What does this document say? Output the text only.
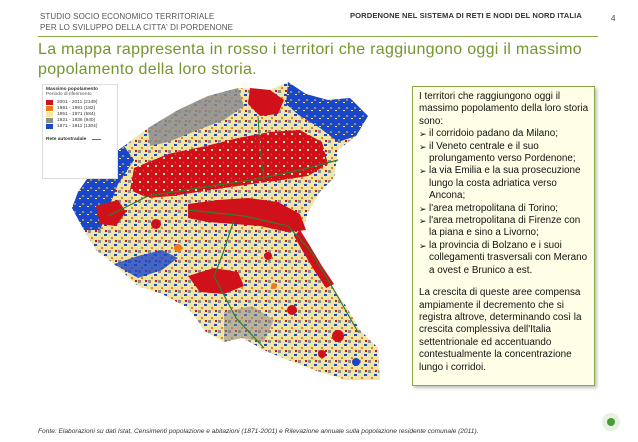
STUDIO SOCIO ECONOMICO TERRITORIALE
PER LO SVILUPPO DELLA CITTA' DI PORDENONE
PORDENONE NEL SISTEMA DI RETI E NODI DEL NORD ITALIA	4
La mappa rappresenta in rosso i territori che raggiungono oggi il massimo popolamento della loro storia.
Massimo popolamento
Periodo di riferimento
2001 - 2011 (2149)
1981 - 1991 (182)
1951 - 1971 (584)
1921 - 1936 (940)
1871 - 1911 (1304)
Rete autostradale

I territori che raggiungono oggi il massimo popolamento della loro storia sono:

➢ il corridoio padano da Milano;
➢ il Veneto centrale e il suo prolungamento verso Pordenone;
➢ la via Emilia e la sua prosecuzione lungo la costa adriatica verso Ancona;
➢ l'area metropolitana di Torino;
➢ l'area metropolitana di Firenze con la piana e sino a Livorno;
➢ la provincia di Bolzano e i suoi collegamenti trasversali con Merano a ovest e Brunico a est.

La crescita di queste aree compensa ampiamente il decremento che si registra altrove, determinando così la crescita complessiva dell'Italia settentrionale ed accentuando contestualmente la concentrazione lungo i corridoi.

Fonte: Elaborazioni su dati Istat, Censimenti popolazione e abitazioni (1871-2001) e Rilevazione annuale sulla popolazione residente comunale (2011).
